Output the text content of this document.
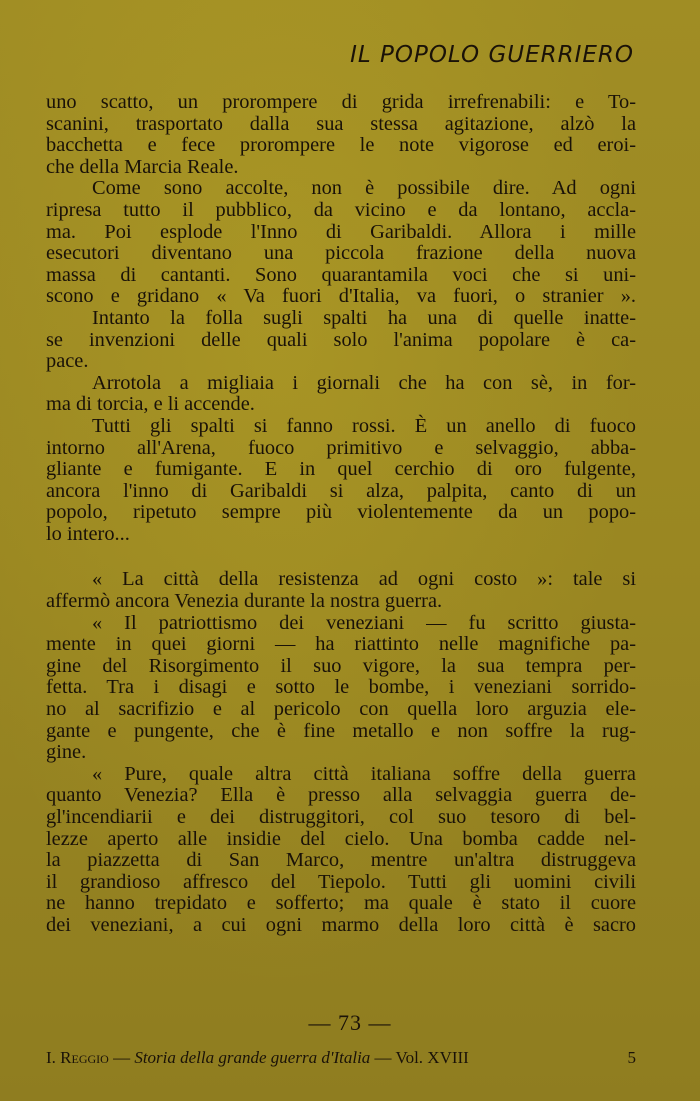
IL POPOLO GUERRIERO
uno scatto, un prorompere di grida irrefrenabili: e To-
scanini, trasportato dalla sua stessa agitazione, alzò la
bacchetta e fece prorompere le note vigorose ed eroi-
che della Marcia Reale.
Come sono accolte, non è possibile dire. Ad ogni
ripresa tutto il pubblico, da vicino e da lontano, accla-
ma. Poi esplode l'Inno di Garibaldi. Allora i mille
esecutori diventano una piccola frazione della nuova
massa di cantanti. Sono quarantamila voci che si uni-
scono e gridano « Va fuori d'Italia, va fuori, o stranier ».
Intanto la folla sugli spalti ha una di quelle inatte-
se invenzioni delle quali solo l'anima popolare è ca-
pace.
Arrotola a migliaia i giornali che ha con sè, in for-
ma di torcia, e li accende.
Tutti gli spalti si fanno rossi. È un anello di fuoco
intorno all'Arena, fuoco primitivo e selvaggio, abba-
gliante e fumigante. E in quel cerchio di oro fulgente,
ancora l'inno di Garibaldi si alza, palpita, canto di un
popolo, ripetuto sempre più violentemente da un popo-
lo intero...
« La città della resistenza ad ogni costo »: tale si
affermò ancora Venezia durante la nostra guerra.
« Il patriottismo dei veneziani — fu scritto giusta-
mente in quei giorni — ha riattinto nelle magnifiche pa-
gine del Risorgimento il suo vigore, la sua tempra per-
fetta. Tra i disagi e sotto le bombe, i veneziani sorrido-
no al sacrifizio e al pericolo con quella loro arguzia ele-
gante e pungente, che è fine metallo e non soffre la rug-
gine.
« Pure, quale altra città italiana soffre della guerra
quanto Venezia? Ella è presso alla selvaggia guerra de-
gl'incendiarii e dei distruggitori, col suo tesoro di bel-
lezze aperto alle insidie del cielo. Una bomba cadde nel-
la piazzetta di San Marco, mentre un'altra distruggeva
il grandioso affresco del Tiepolo. Tutti gli uomini civili
ne hanno trepidato e sofferto; ma quale è stato il cuore
dei veneziani, a cui ogni marmo della loro città è sacro
— 73 —
I. Reggio — Storia della grande guerra d'Italia — Vol. XVIII	5
